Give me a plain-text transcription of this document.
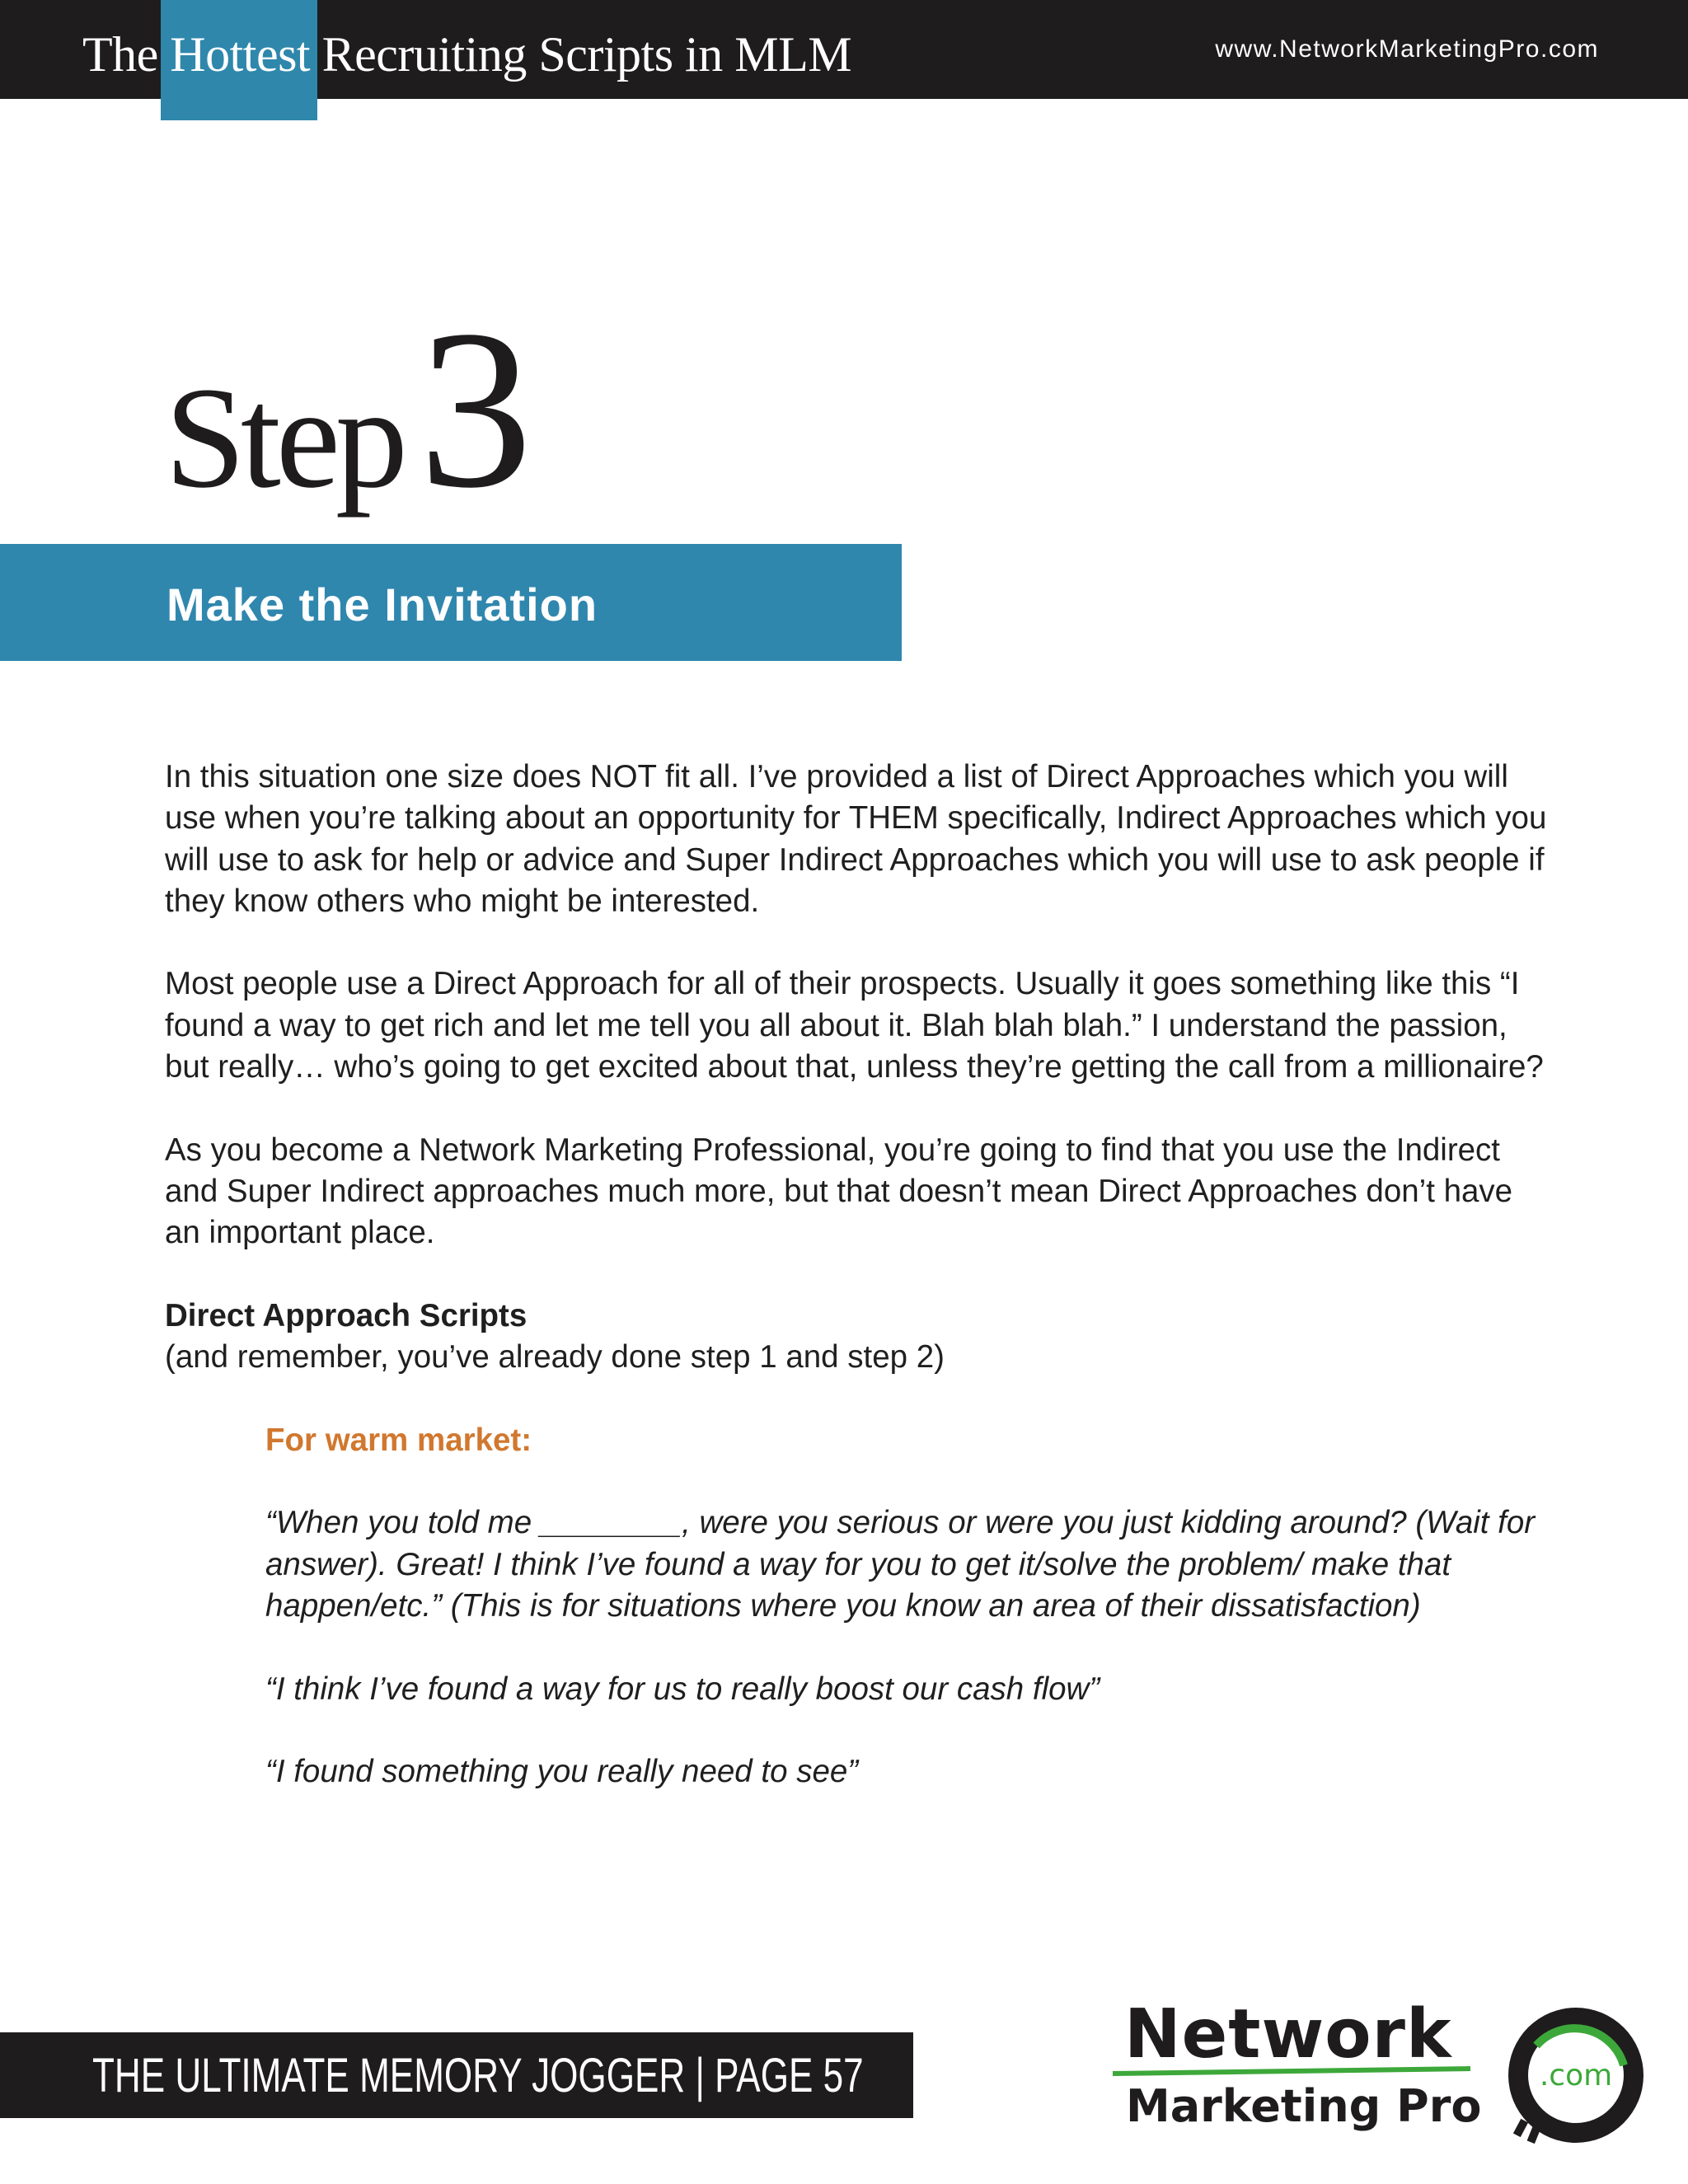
The Hottest Recruiting Scripts in MLM	www.NetworkMarketingPro.com
Step 3
Make the Invitation

In this situation one size does NOT fit all. I’ve provided a list of Direct Approaches which you will use when you’re talking about an opportunity for THEM specifically, Indirect Approaches which you will use to ask for help or advice and Super Indirect Approaches which you will use to ask people if they know others who might be interested.

Most people use a Direct Approach for all of their prospects. Usually it goes something like this “I found a way to get rich and let me tell you all about it. Blah blah blah.” I understand the passion, but really… who’s going to get excited about that, unless they’re getting the call from a millionaire?

As you become a Network Marketing Professional, you’re going to find that you use the Indirect and Super Indirect approaches much more, but that doesn’t mean Direct Approaches don’t have an important place.

Direct Approach Scripts
(and remember, you’ve already done step 1 and step 2)
For warm market:

“When you told me ________, were you serious or were you just kidding around? (Wait for answer). Great! I think I’ve found a way for you to get it/solve the problem/ make that happen/etc.” (This is for situations where you know an area of their dissatisfaction)

“I think I’ve found a way for us to really boost our cash flow”

“I found something you really need to see”

THE ULTIMATE MEMORY JOGGER | PAGE 57	.com
Network
Marketing Pro
